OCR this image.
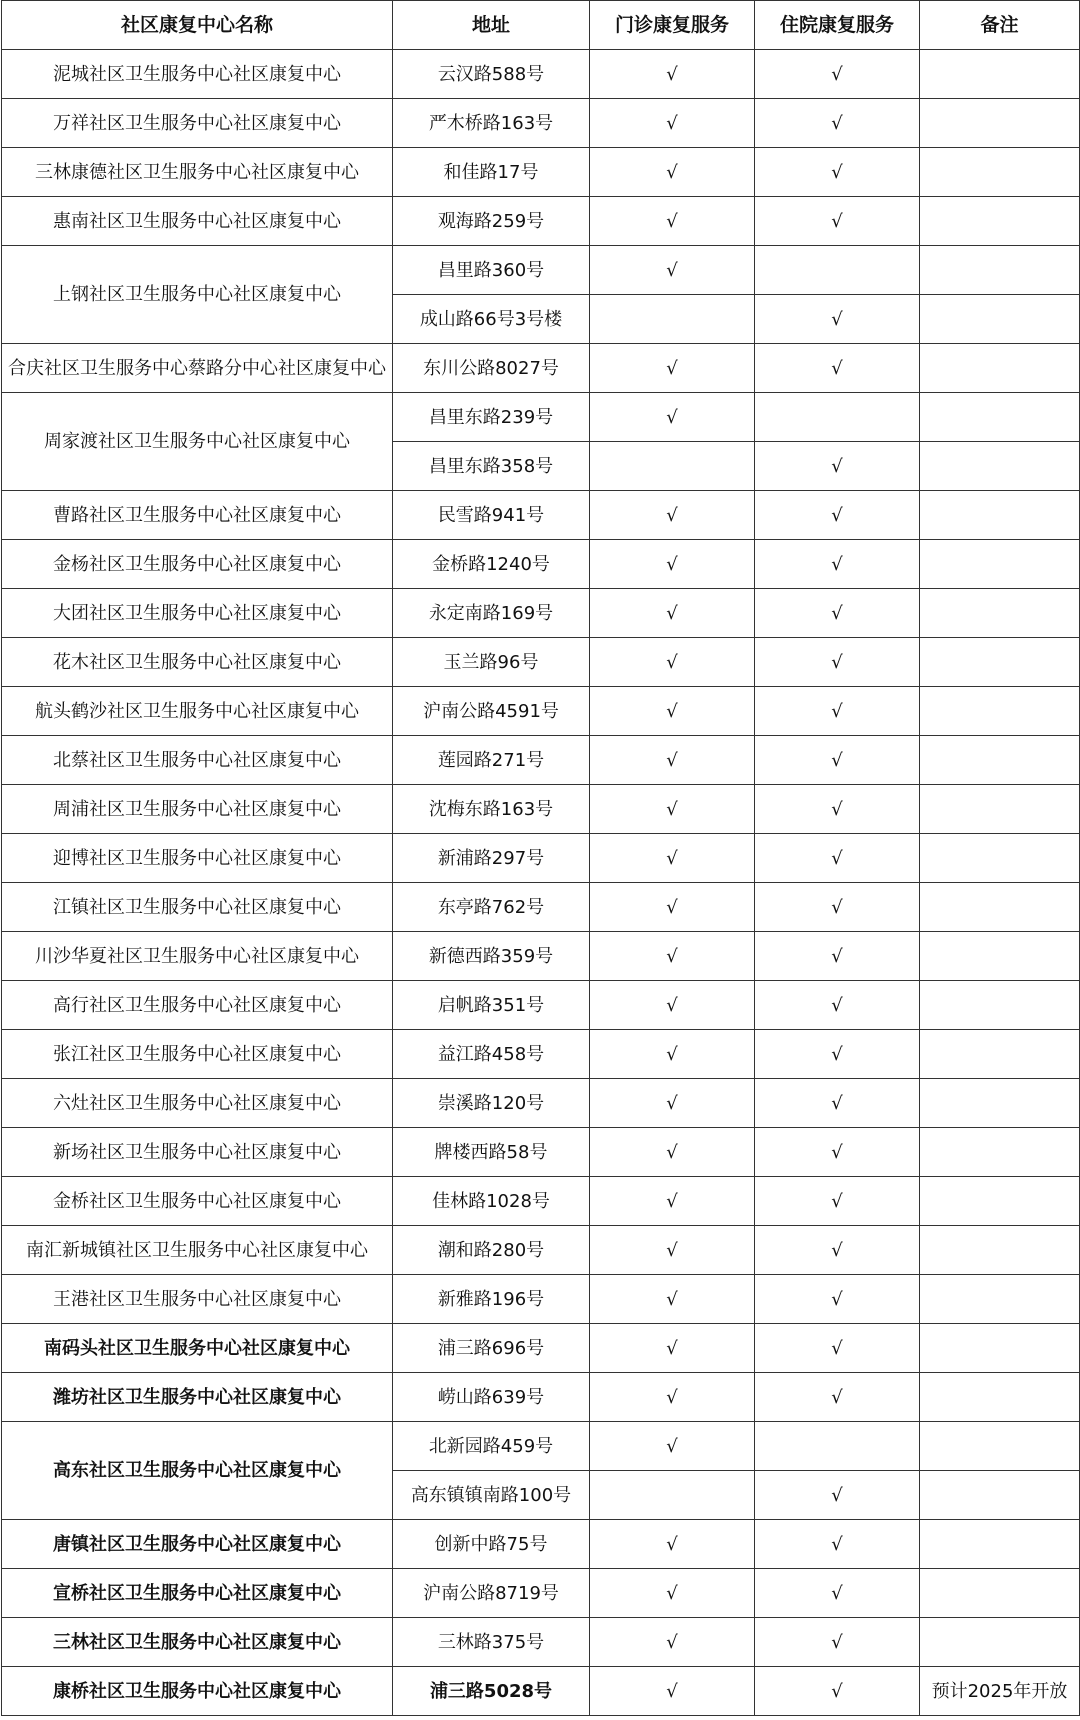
社区康复中心名称	地址	门诊康复服务	住院康复服务	备注
泥城社区卫生服务中心社区康复中心	云汉路588号	√	√	
万祥社区卫生服务中心社区康复中心	严木桥路163号	√	√	
三林康德社区卫生服务中心社区康复中心	和佳路17号	√	√	
惠南社区卫生服务中心社区康复中心	观海路259号	√	√	
上钢社区卫生服务中心社区康复中心	昌里路360号	√		
	成山路66号3号楼		√	
合庆社区卫生服务中心蔡路分中心社区康复中心	东川公路8027号	√	√	
周家渡社区卫生服务中心社区康复中心	昌里东路239号	√		
	昌里东路358号		√	
曹路社区卫生服务中心社区康复中心	民雪路941号	√	√	
金杨社区卫生服务中心社区康复中心	金桥路1240号	√	√	
大团社区卫生服务中心社区康复中心	永定南路169号	√	√	
花木社区卫生服务中心社区康复中心	玉兰路96号	√	√	
航头鹤沙社区卫生服务中心社区康复中心	沪南公路4591号	√	√	
北蔡社区卫生服务中心社区康复中心	莲园路271号	√	√	
周浦社区卫生服务中心社区康复中心	沈梅东路163号	√	√	
迎博社区卫生服务中心社区康复中心	新浦路297号	√	√	
江镇社区卫生服务中心社区康复中心	东亭路762号	√	√	
川沙华夏社区卫生服务中心社区康复中心	新德西路359号	√	√	
高行社区卫生服务中心社区康复中心	启帆路351号	√	√	
张江社区卫生服务中心社区康复中心	益江路458号	√	√	
六灶社区卫生服务中心社区康复中心	崇溪路120号	√	√	
新场社区卫生服务中心社区康复中心	牌楼西路58号	√	√	
金桥社区卫生服务中心社区康复中心	佳林路1028号	√	√	
南汇新城镇社区卫生服务中心社区康复中心	潮和路280号	√	√	
王港社区卫生服务中心社区康复中心	新雅路196号	√	√	
南码头社区卫生服务中心社区康复中心	浦三路696号	√	√	
潍坊社区卫生服务中心社区康复中心	崂山路639号	√	√	
高东社区卫生服务中心社区康复中心	北新园路459号	√		
	高东镇镇南路100号		√	
唐镇社区卫生服务中心社区康复中心	创新中路75号	√	√	
宣桥社区卫生服务中心社区康复中心	沪南公路8719号	√	√	
三林社区卫生服务中心社区康复中心	三林路375号	√	√	
康桥社区卫生服务中心社区康复中心	浦三路5028号	√	√	预计2025年开放
